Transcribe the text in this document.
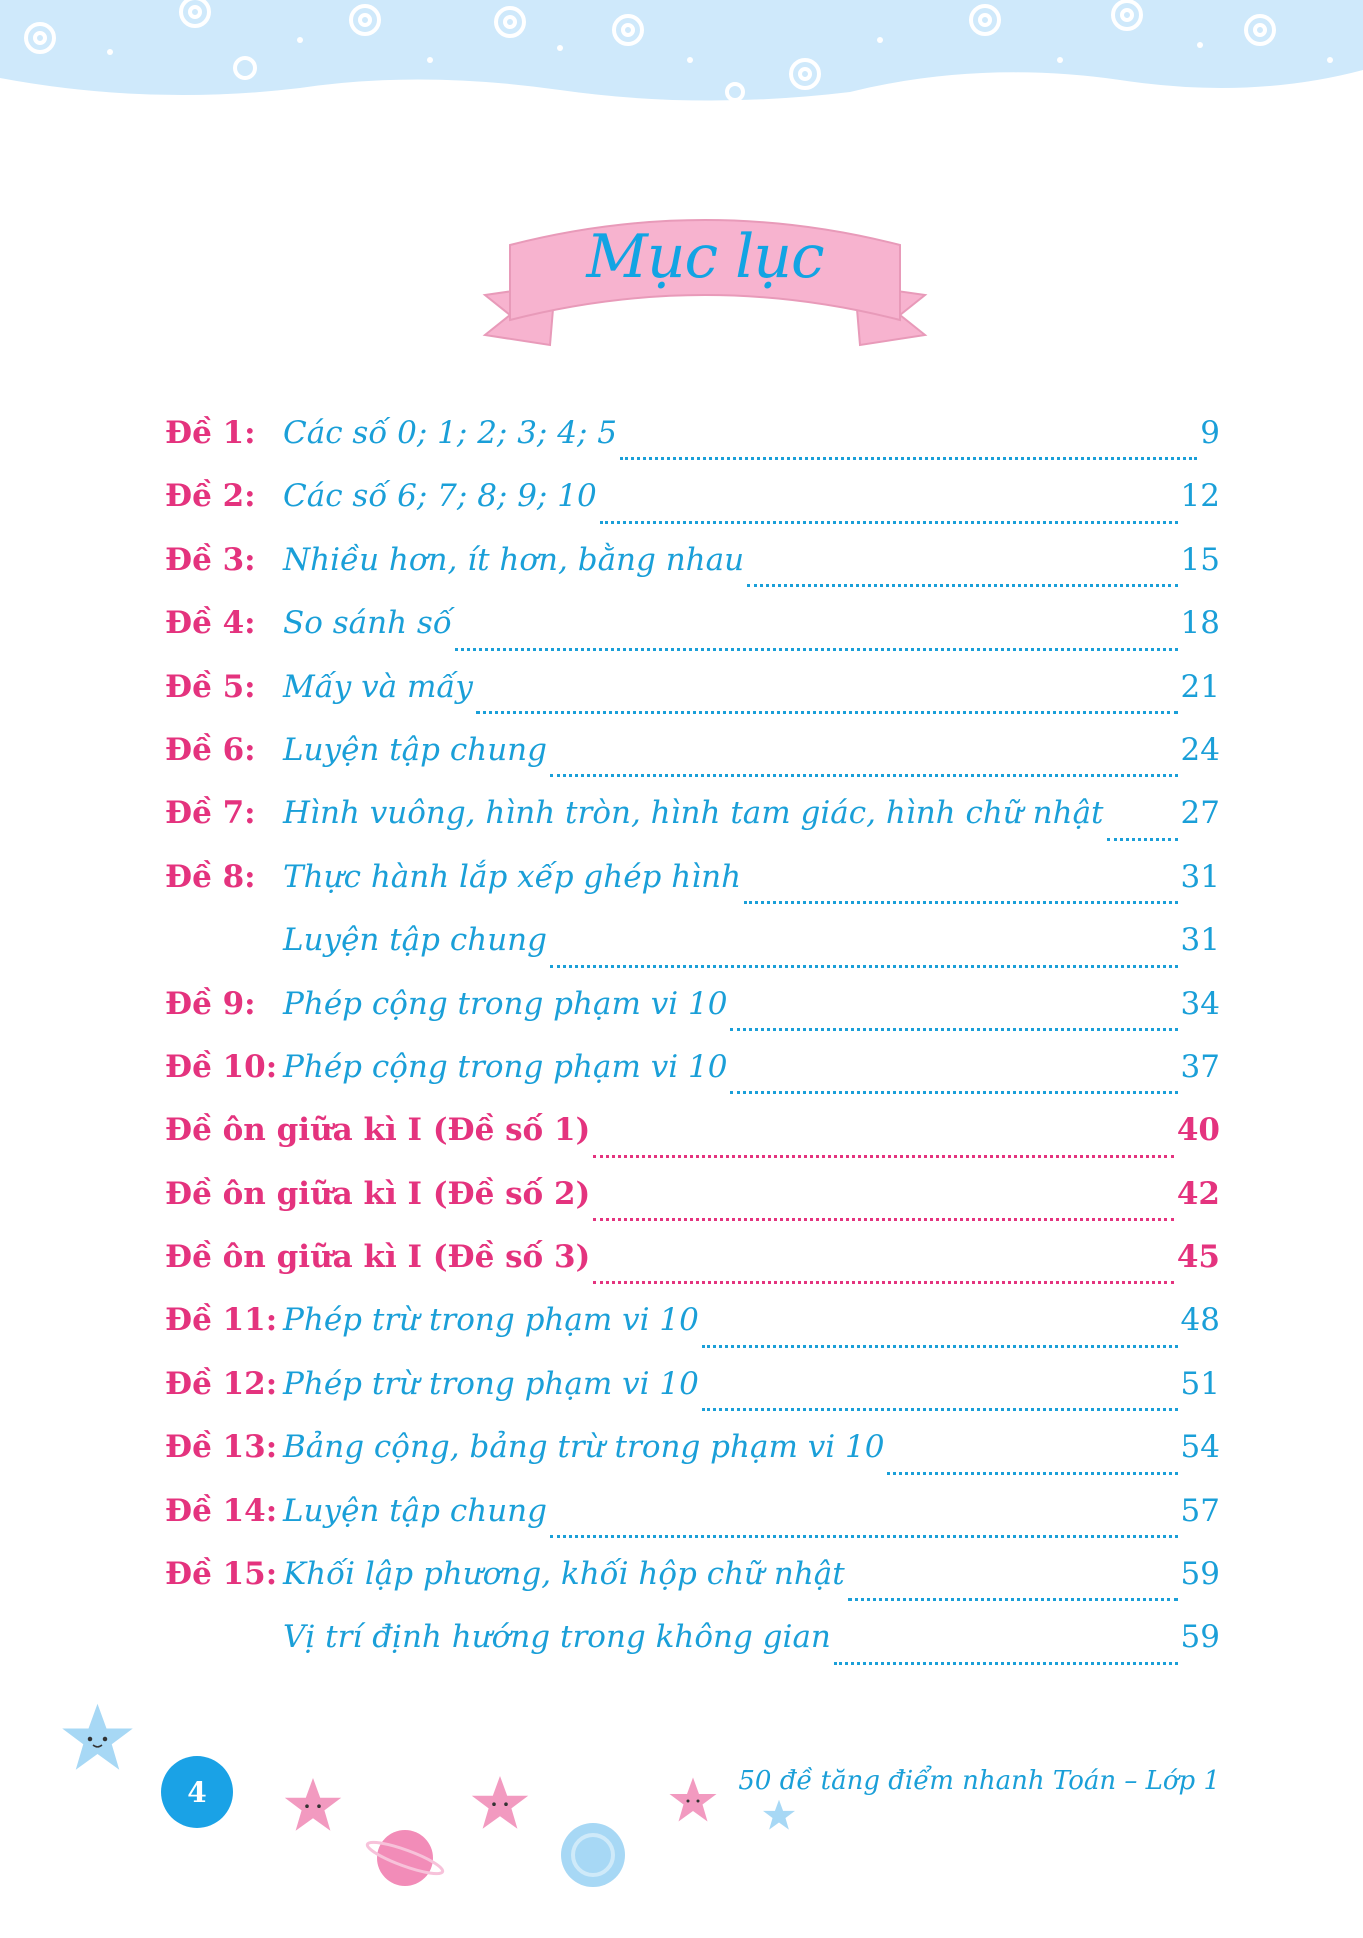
Mục lục
Đề 1: Các số 0; 1; 2; 3; 4; 5	9
Đề 2: Các số 6; 7; 8; 9; 10	12
Đề 3: Nhiều hơn, ít hơn, bằng nhau	15
Đề 4: So sánh số	18
Đề 5: Mấy và mấy	21
Đề 6: Luyện tập chung	24
Đề 7: Hình vuông, hình tròn, hình tam giác, hình chữ nhật 27
Đề 8: Thực hành lắp xếp ghép hình	31
Luyện tập chung	31
Đề 9: Phép cộng trong phạm vi 10	34
Đề 10: Phép cộng trong phạm vi 10	37
Đề ôn giữa kì I (Đề số 1)	40
Đề ôn giữa kì I (Đề số 2)	42
Đề ôn giữa kì I (Đề số 3)	45
Đề 11: Phép trừ trong phạm vi 10	48
Đề 12: Phép trừ trong phạm vi 10	51
Đề 13: Bảng cộng, bảng trừ trong phạm vi 10	54
Đề 14: Luyện tập chung	57
Đề 15: Khối lập phương, khối hộp chữ nhật	59
Vị trí định hướng trong không gian	59
4	50 đề tăng điểm nhanh Toán – Lớp 1
